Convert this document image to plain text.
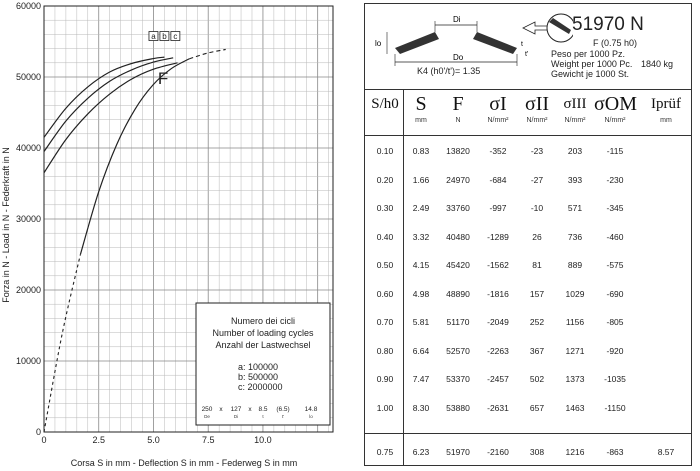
0	2.5	5.0	7.5	10.0
0
10000
20000
30000
40000
50000
60000
a b c
F
Corsa S in mm - Deflection S in mm - Federweg S in mm
Forza in N - Load in N - Federkraft in N
Numero dei cicli
Number of loading cycles
Anzahl der Lastwechsel
a: 100000
b: 500000
c: 2000000
250
De
x 127
Di
x 8.5
t
(6.5)
t'
14.8
lo
Di
Do
lo	t
t'
51970 N
F (0.75 h0)
Peso per 1000 Pz.
Weight per 1000 Pc. 1840 kg
Gewicht je 1000 St.
K4 (h0'/t')= 1.35
S/h0 S
mm
F
N
σI
N/mm²
σII
N/mm²
σIII
N/mm²
σOM
N/mm²
Iprüf
mm
0.10	0.83	13820	-352	-23	203	-115
0.20	1.66	24970	-684	-27	393	-230
0.30	2.49	33760	-997	-10	571	-345
0.40	3.32	40480	-1289	26	736	-460
0.50	4.15	45420	-1562	81	889	-575
0.60	4.98	48890	-1816	157	1029	-690
0.70	5.81	51170	-2049	252	1156	-805
0.80	6.64	52570	-2263	367	1271	-920
0.90	7.47	53370	-2457	502	1373	-1035
1.00	8.30	53880	-2631	657	1463	-1150
0.75	6.23	51970	-2160	308	1216	-863	8.57
